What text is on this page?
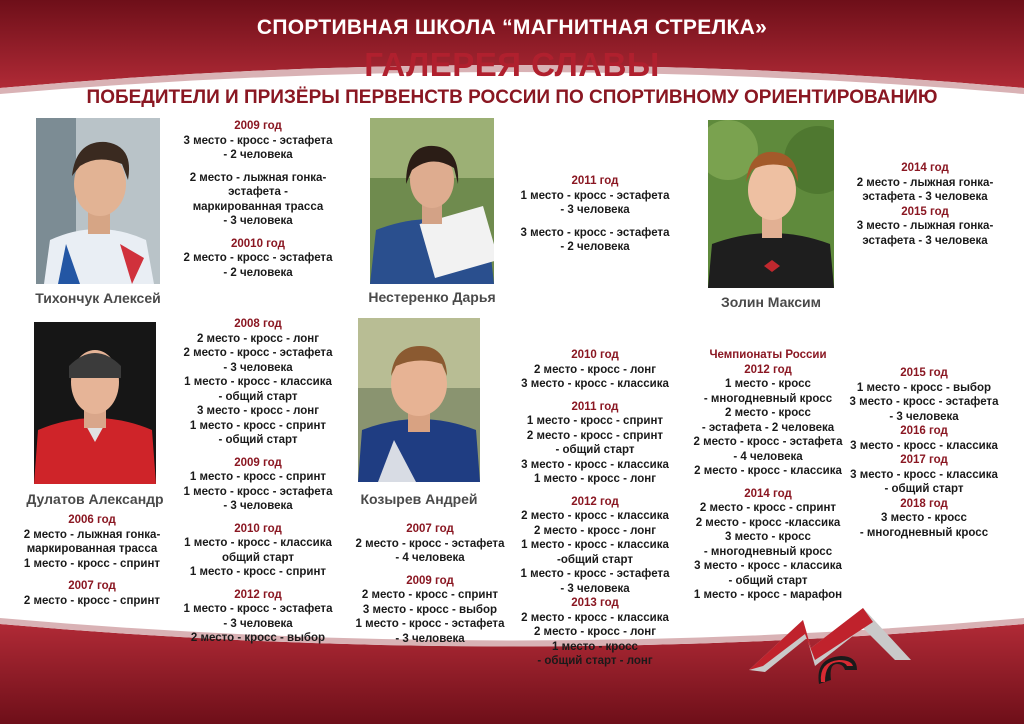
СПОРТИВНАЯ ШКОЛА “МАГНИТНАЯ СТРЕЛКА»
ГАЛЕРЕЯ СЛАВЫ
ПОБЕДИТЕЛИ И ПРИЗЁРЫ ПЕРВЕНСТВ РОССИИ ПО СПОРТИВНОМУ ОРИЕНТИРОВАНИЮ
Тихончук Алексей	Нестеренко Дарья	Золин Максим
Дулатов Александр	Козырев Андрей
2009 год
3 место - кросс - эстафета
- 2 человека
2 место - лыжная гонка-
эстафета -
маркированная трасса
- 3 человека
20010 год
2 место - кросс - эстафета
- 2 человека
2011 год
1 место - кросс - эстафета
- 3 человека
3 место - кросс - эстафета
- 2 человека
2014 год
2 место - лыжная гонка-
эстафета - 3 человека
2015 год
3 место - лыжная гонка-
эстафета - 3 человека
2006 год
2 место - лыжная гонка-
маркированная трасса
1 место - кросс - спринт
2007 год
2 место - кросс - спринт
2008 год
2 место - кросс - лонг
2 место - кросс - эстафета
- 3 человека
1 место - кросс - классика
- общий старт
3 место - кросс - лонг
1 место - кросс - спринт
- общий старт
2009 год
1 место - кросс - спринт
1 место - кросс - эстафета
- 3 человека
2010 год
1 место - кросс - классика
общий старт
1 место - кросс - спринт
2012 год
1 место - кросс - эстафета
- 3 человека
2 место - кросс - выбор
2007 год
2 место - кросс - эстафета
- 4 человека
2009 год
2 место - кросс - спринт
3 место - кросс - выбор
1 место - кросс - эстафета
- 3 человека
2010 год
2 место - кросс - лонг
3 место - кросс - классика
2011 год
1 место - кросс - спринт
2 место - кросс - спринт
- общий старт
3 место - кросс - классика
1 место - кросс - лонг
2012 год
2 место - кросс - классика
2 место - кросс - лонг
1 место - кросс - классика
-общий старт
1 место - кросс - эстафета
- 3 человека
2013 год
2 место - кросс - классика
2 место - кросс - лонг
1 место - кросс
- общий старт - лонг
Чемпионаты России
2012 год
1 место - кросс
- многодневный кросс
2 место - кросс
- эстафета - 2 человека
2 место - кросс - эстафета
- 4 человека
2 место - кросс - классика
2014 год
2 место - кросс - спринт
2 место - кросс -классика
3 место - кросс
- многодневный кросс
3 место - кросс - классика
- общий старт
1 место - кросс - марафон
2015 год
1 место - кросс - выбор
3 место - кросс - эстафета
- 3 человека
2016 год
3 место - кросс - классика
2017 год
3 место - кросс - классика
- общий старт
2018 год
3 место - кросс
- многодневный кросс
